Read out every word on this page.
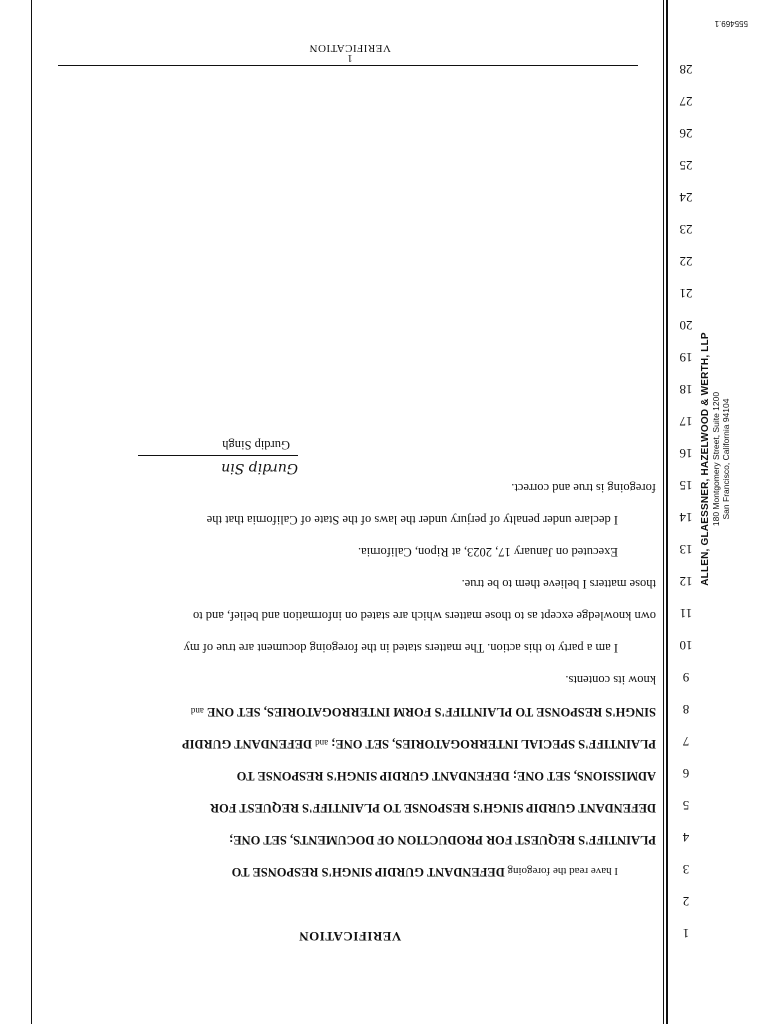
555469.1
ALLEN, GLAESSNER, HAZELWOOD & WERTH, LLP 180 Montgomery Street, Suite 1200 San Francisco, California 94104
1
2
3
4
5
6
7
8
9
10
11
12
13
14
15
16
17
18
19
20
21
22
23
24
25
26
27
28
VERIFICATION
I have read the foregoing DEFENDANT GURDIP SINGH'S RESPONSE TO
PLAINTIFF'S REQUEST FOR PRODUCTION OF DOCUMENTS, SET ONE;
DEFENDANT GURDIP SINGH'S RESPONSE TO PLAINTIFF'S REQUEST FOR
ADMISSIONS, SET ONE; DEFENDANT GURDIP SINGH'S RESPONSE TO
PLAINTIFF'S SPECIAL INTERROGATORIES, SET ONE; and DEFENDANT GURDIP
SINGH'S RESPONSE TO PLAINTIFF'S FORM INTERROGATORIES, SET ONE and
know its contents.
I am a party to this action. The matters stated in the foregoing document are true of my
own knowledge except as to those matters which are stated on information and belief, and to
those matters I believe them to be true.
Executed on January 17, 2023, at Ripon, California.
I declare under penalty of perjury under the laws of the State of California that the
foregoing is true and correct.
Gurdip Sin
Gurdip Singh
1
VERIFICATION
